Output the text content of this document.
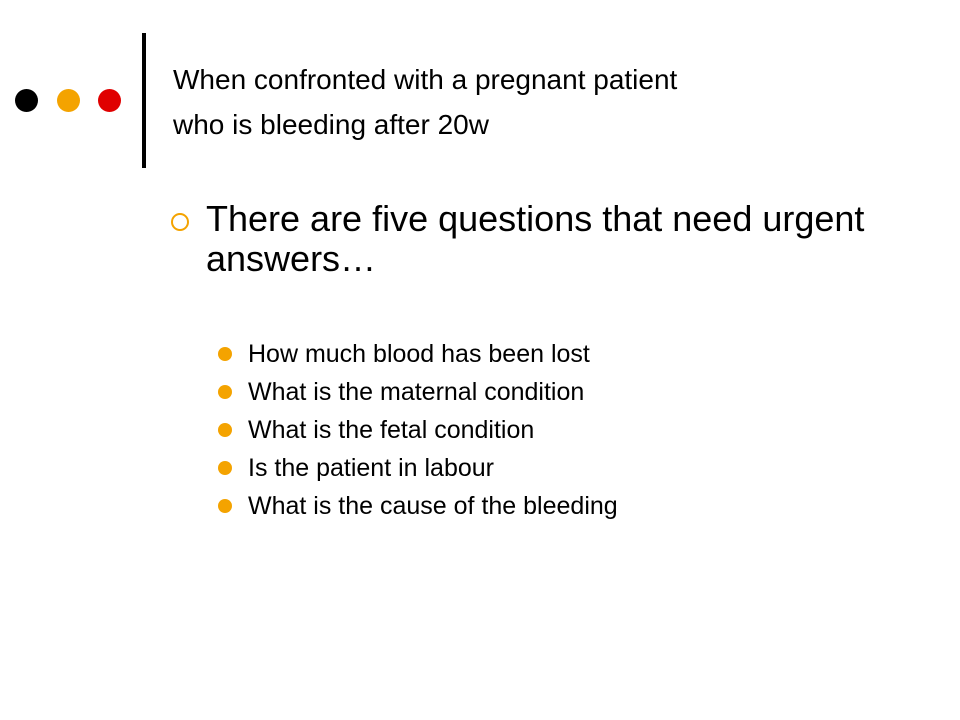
When confronted with a pregnant patient
who is bleeding after 20w

There are five questions that need urgent answers…

How much blood has been lost
What is the maternal condition
What is the fetal condition
Is the patient in labour
What is the cause of the bleeding
